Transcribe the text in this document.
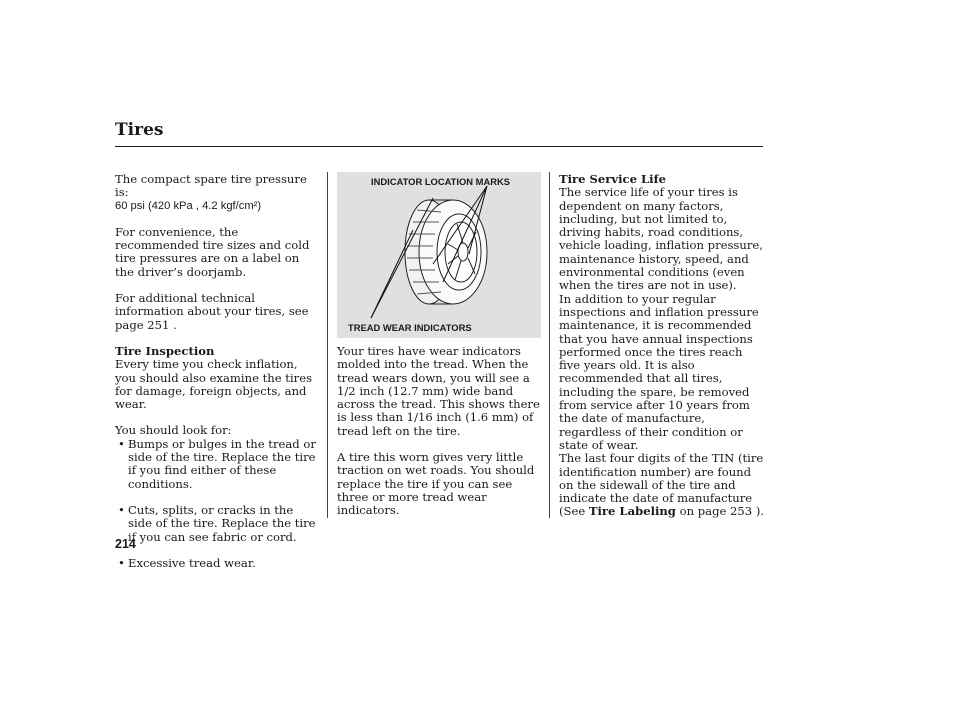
Tires

The compact spare tire pressure is:

60 psi (420 kPa , 4.2 kgf/cm²)

For convenience, the recommended tire sizes and cold tire pressures are on a label on the driver’s doorjamb.

For additional technical information about your tires, see page 251 .

Tire Inspection

Every time you check inflation, you should also examine the tires for damage, foreign objects, and wear.

You should look for:

• Bumps or bulges in the tread or side of the tire. Replace the tire if you find either of these conditions.
• Cuts, splits, or cracks in the side of the tire. Replace the tire if you can see fabric or cord.
• Excessive tread wear.
INDICATOR LOCATION MARKS
TREAD WEAR INDICATORS

Your tires have wear indicators molded into the tread. When the tread wears down, you will see a 1/2 inch (12.7 mm) wide band across the tread. This shows there is less than 1/16 inch (1.6 mm) of tread left on the tire.

A tire this worn gives very little traction on wet roads. You should replace the tire if you can see three or more tread wear indicators.

Tire Service Life

The service life of your tires is dependent on many factors, including, but not limited to, driving habits, road conditions, vehicle loading, inflation pressure, maintenance history, speed, and environmental conditions (even when the tires are not in use).

In addition to your regular inspections and inflation pressure maintenance, it is recommended that you have annual inspections performed once the tires reach five years old. It is also recommended that all tires, including the spare, be removed from service after 10 years from the date of manufacture, regardless of their condition or state of wear.

The last four digits of the TIN (tire identification number) are found on the sidewall of the tire and indicate the date of manufacture (See Tire Labeling on page 253 ).

214
